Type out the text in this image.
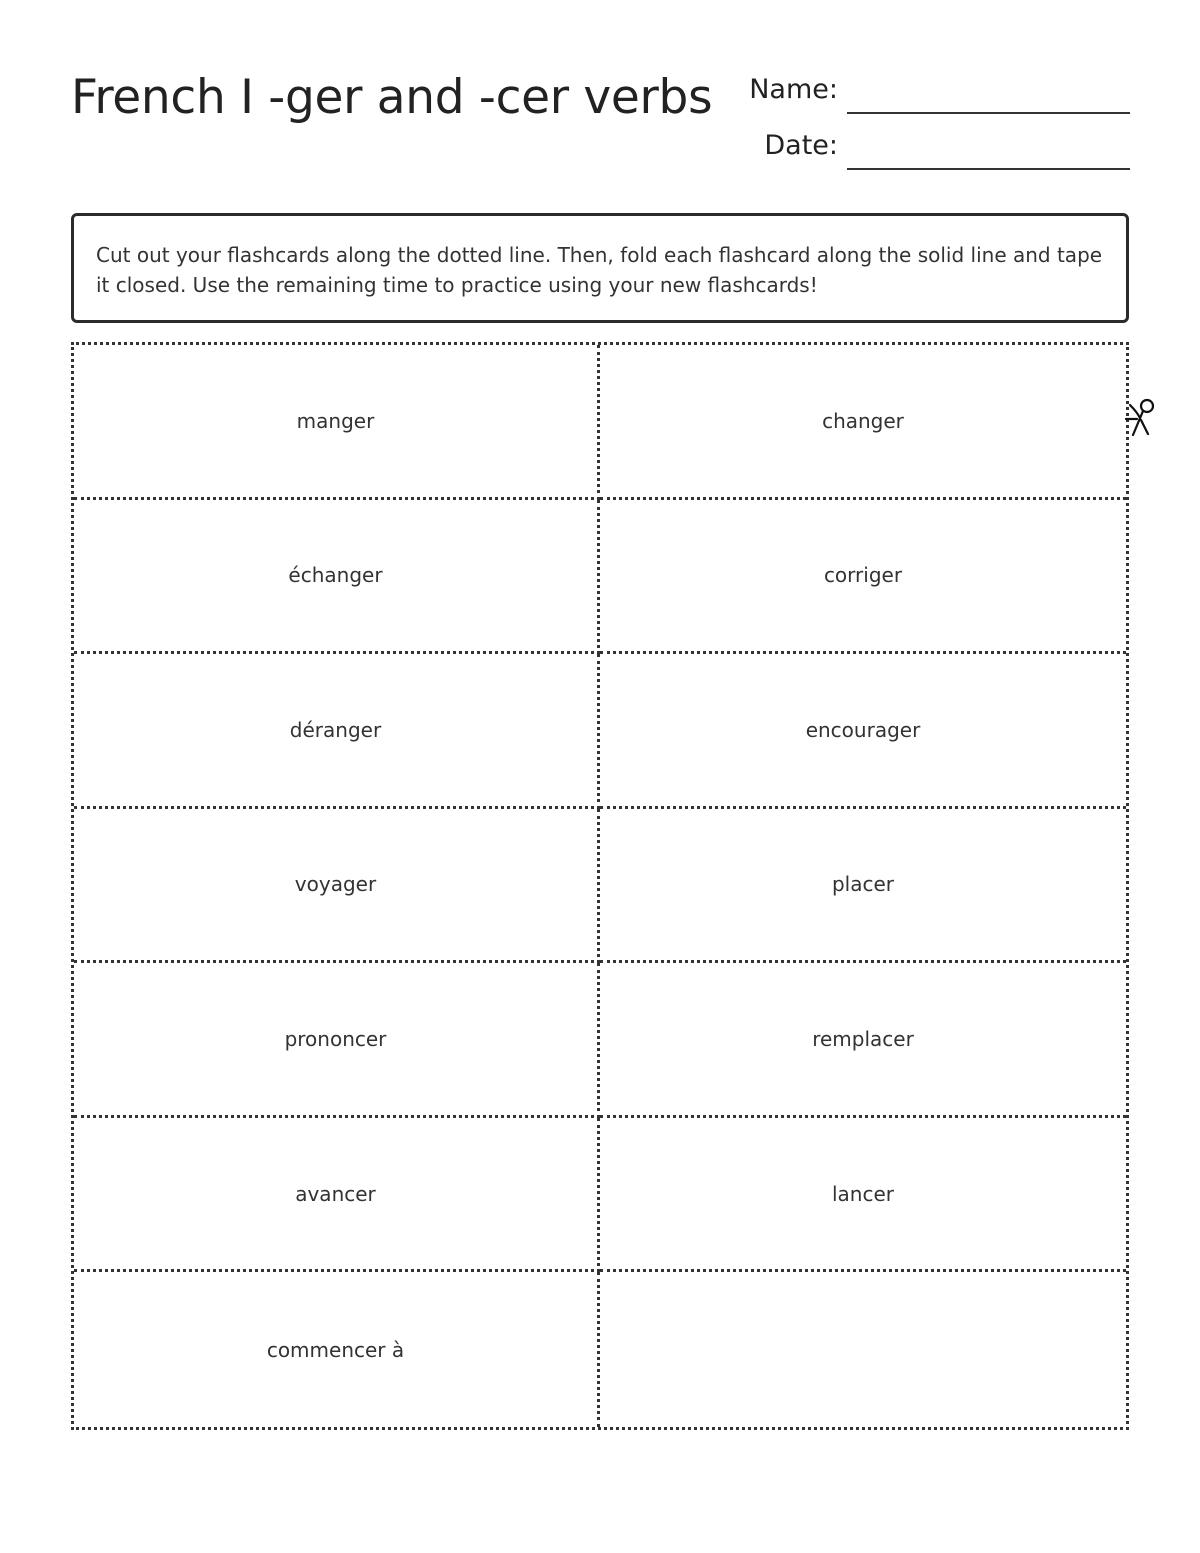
French I -ger and -cer verbs Name:
Date:
Cut out your flashcards along the dotted line. Then, fold each flashcard along the solid line and tape it closed. Use the remaining time to practice using your new flashcards!
manger	changer
échanger	corriger
déranger	encourager
voyager	placer
prononcer	remplacer
avancer	lancer
commencer à
